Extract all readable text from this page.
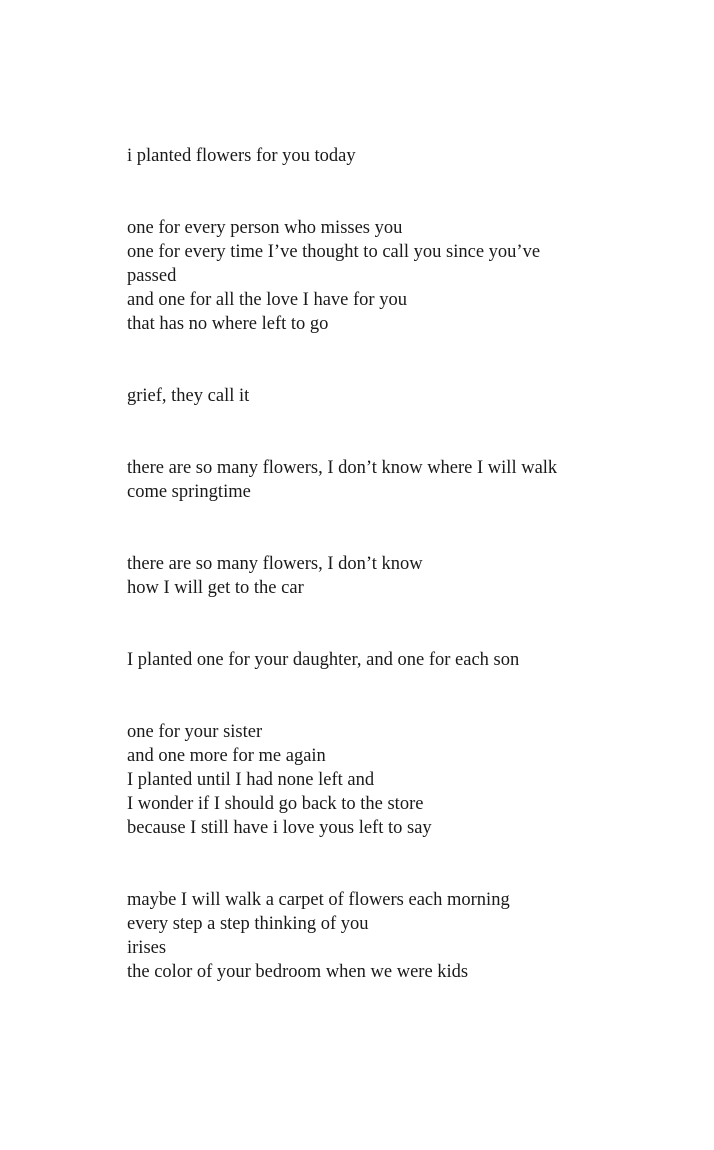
i planted flowers for you today
one for every person who misses you
one for every time I’ve thought to call you since you’ve
passed
and one for all the love I have for you
that has no where left to go
grief, they call it
there are so many flowers, I don’t know where I will walk
come springtime
there are so many flowers, I don’t know
how I will get to the car
I planted one for your daughter, and one for each son
one for your sister
and one more for me again
I planted until I had none left and
I wonder if I should go back to the store
because I still have i love yous left to say
maybe I will walk a carpet of flowers each morning
every step a step thinking of you
irises
the color of your bedroom when we were kids
